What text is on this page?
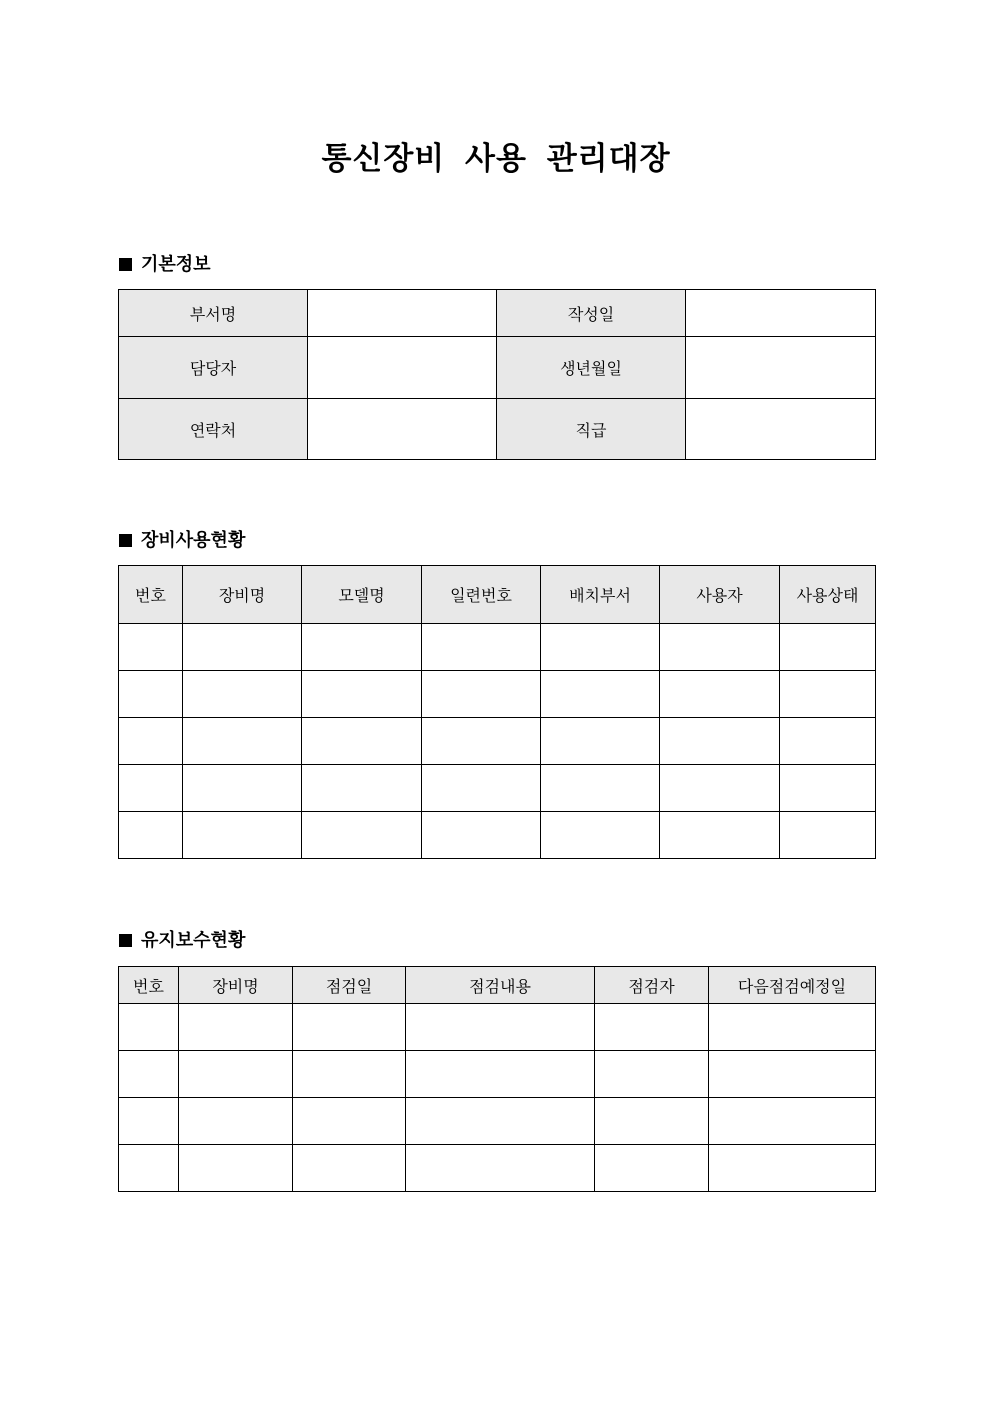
통신장비 사용 관리대장
기본정보
부서명		작성일	
담당자		생년월일	
연락처		직급	
장비사용현황
번호	장비명	모델명	일련번호	배치부서	사용자	사용상태

유지보수현황
번호	장비명	점검일	점검내용	점검자	다음점검예정일
